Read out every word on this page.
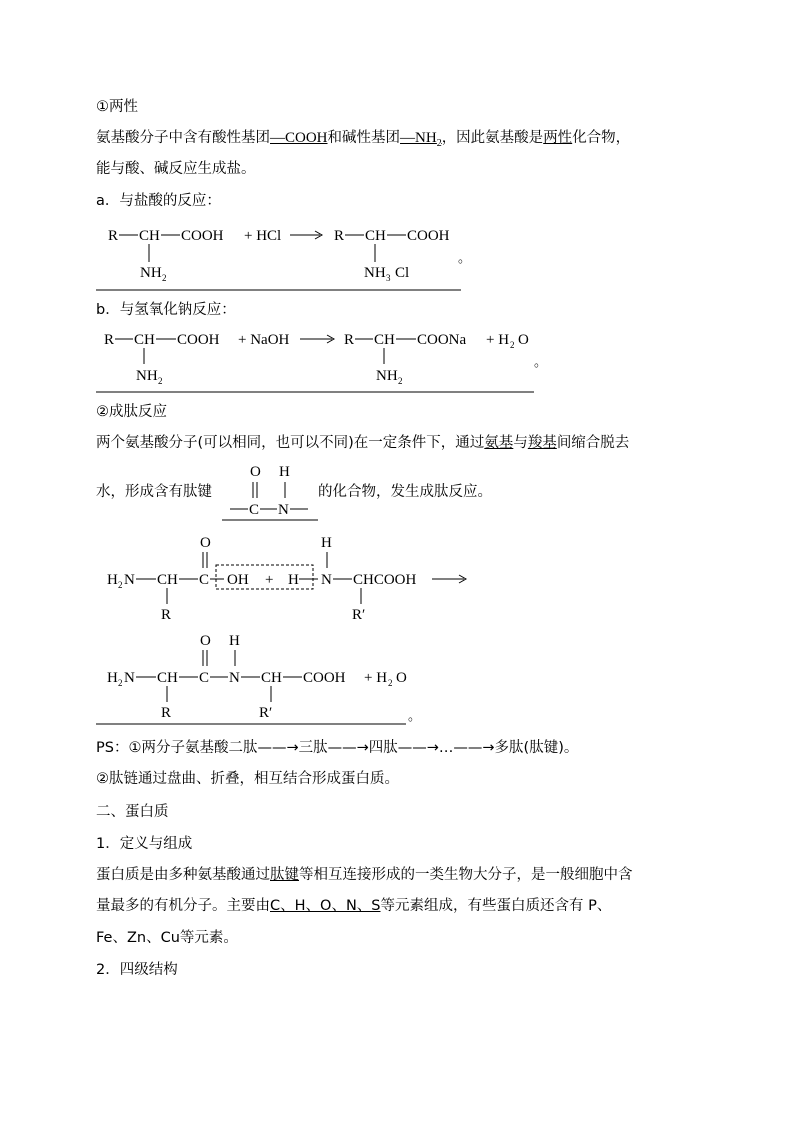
①两性
氨基酸分子中含有酸性基团—COOH和碱性基团$—NH_2$，因此氨基酸是两性化合物，
能与酸、碱反应生成盐。
a．与盐酸的反应：
R CH COOH
NH 2
+ HCl	R CH COOH
NH 3 Cl
。
b．与氢氧化钠反应：
R CH COOH
NH 2
+ NaOH	R CH COONa
NH 2
+ H 2 O
。
②成肽反应
两个氨基酸分子(可以相同，也可以不同)在一定条件下，通过氨基与羧基间缩合脱去
水，形成含有肽键
O H
C N
的化合物，发生成肽反应。
H 2 N CH C
O
R
OH + H N
H
CHCOOH
R′
H 2 N CH C
O
R
N
H
CH COOH
R′
+ H 2 O
。
PS：①两分子氨基酸二肽——→三肽——→四肽——→…——→多肽(肽键)。
②肽链通过盘曲、折叠，相互结合形成蛋白质。
二、蛋白质
1．定义与组成
蛋白质是由多种氨基酸通过肽键等相互连接形成的一类生物大分子，是一般细胞中含
量最多的有机分子。主要由C、H、O、N、S等元素组成，有些蛋白质还含有 P、
Fe、Zn、Cu等元素。
2．四级结构
